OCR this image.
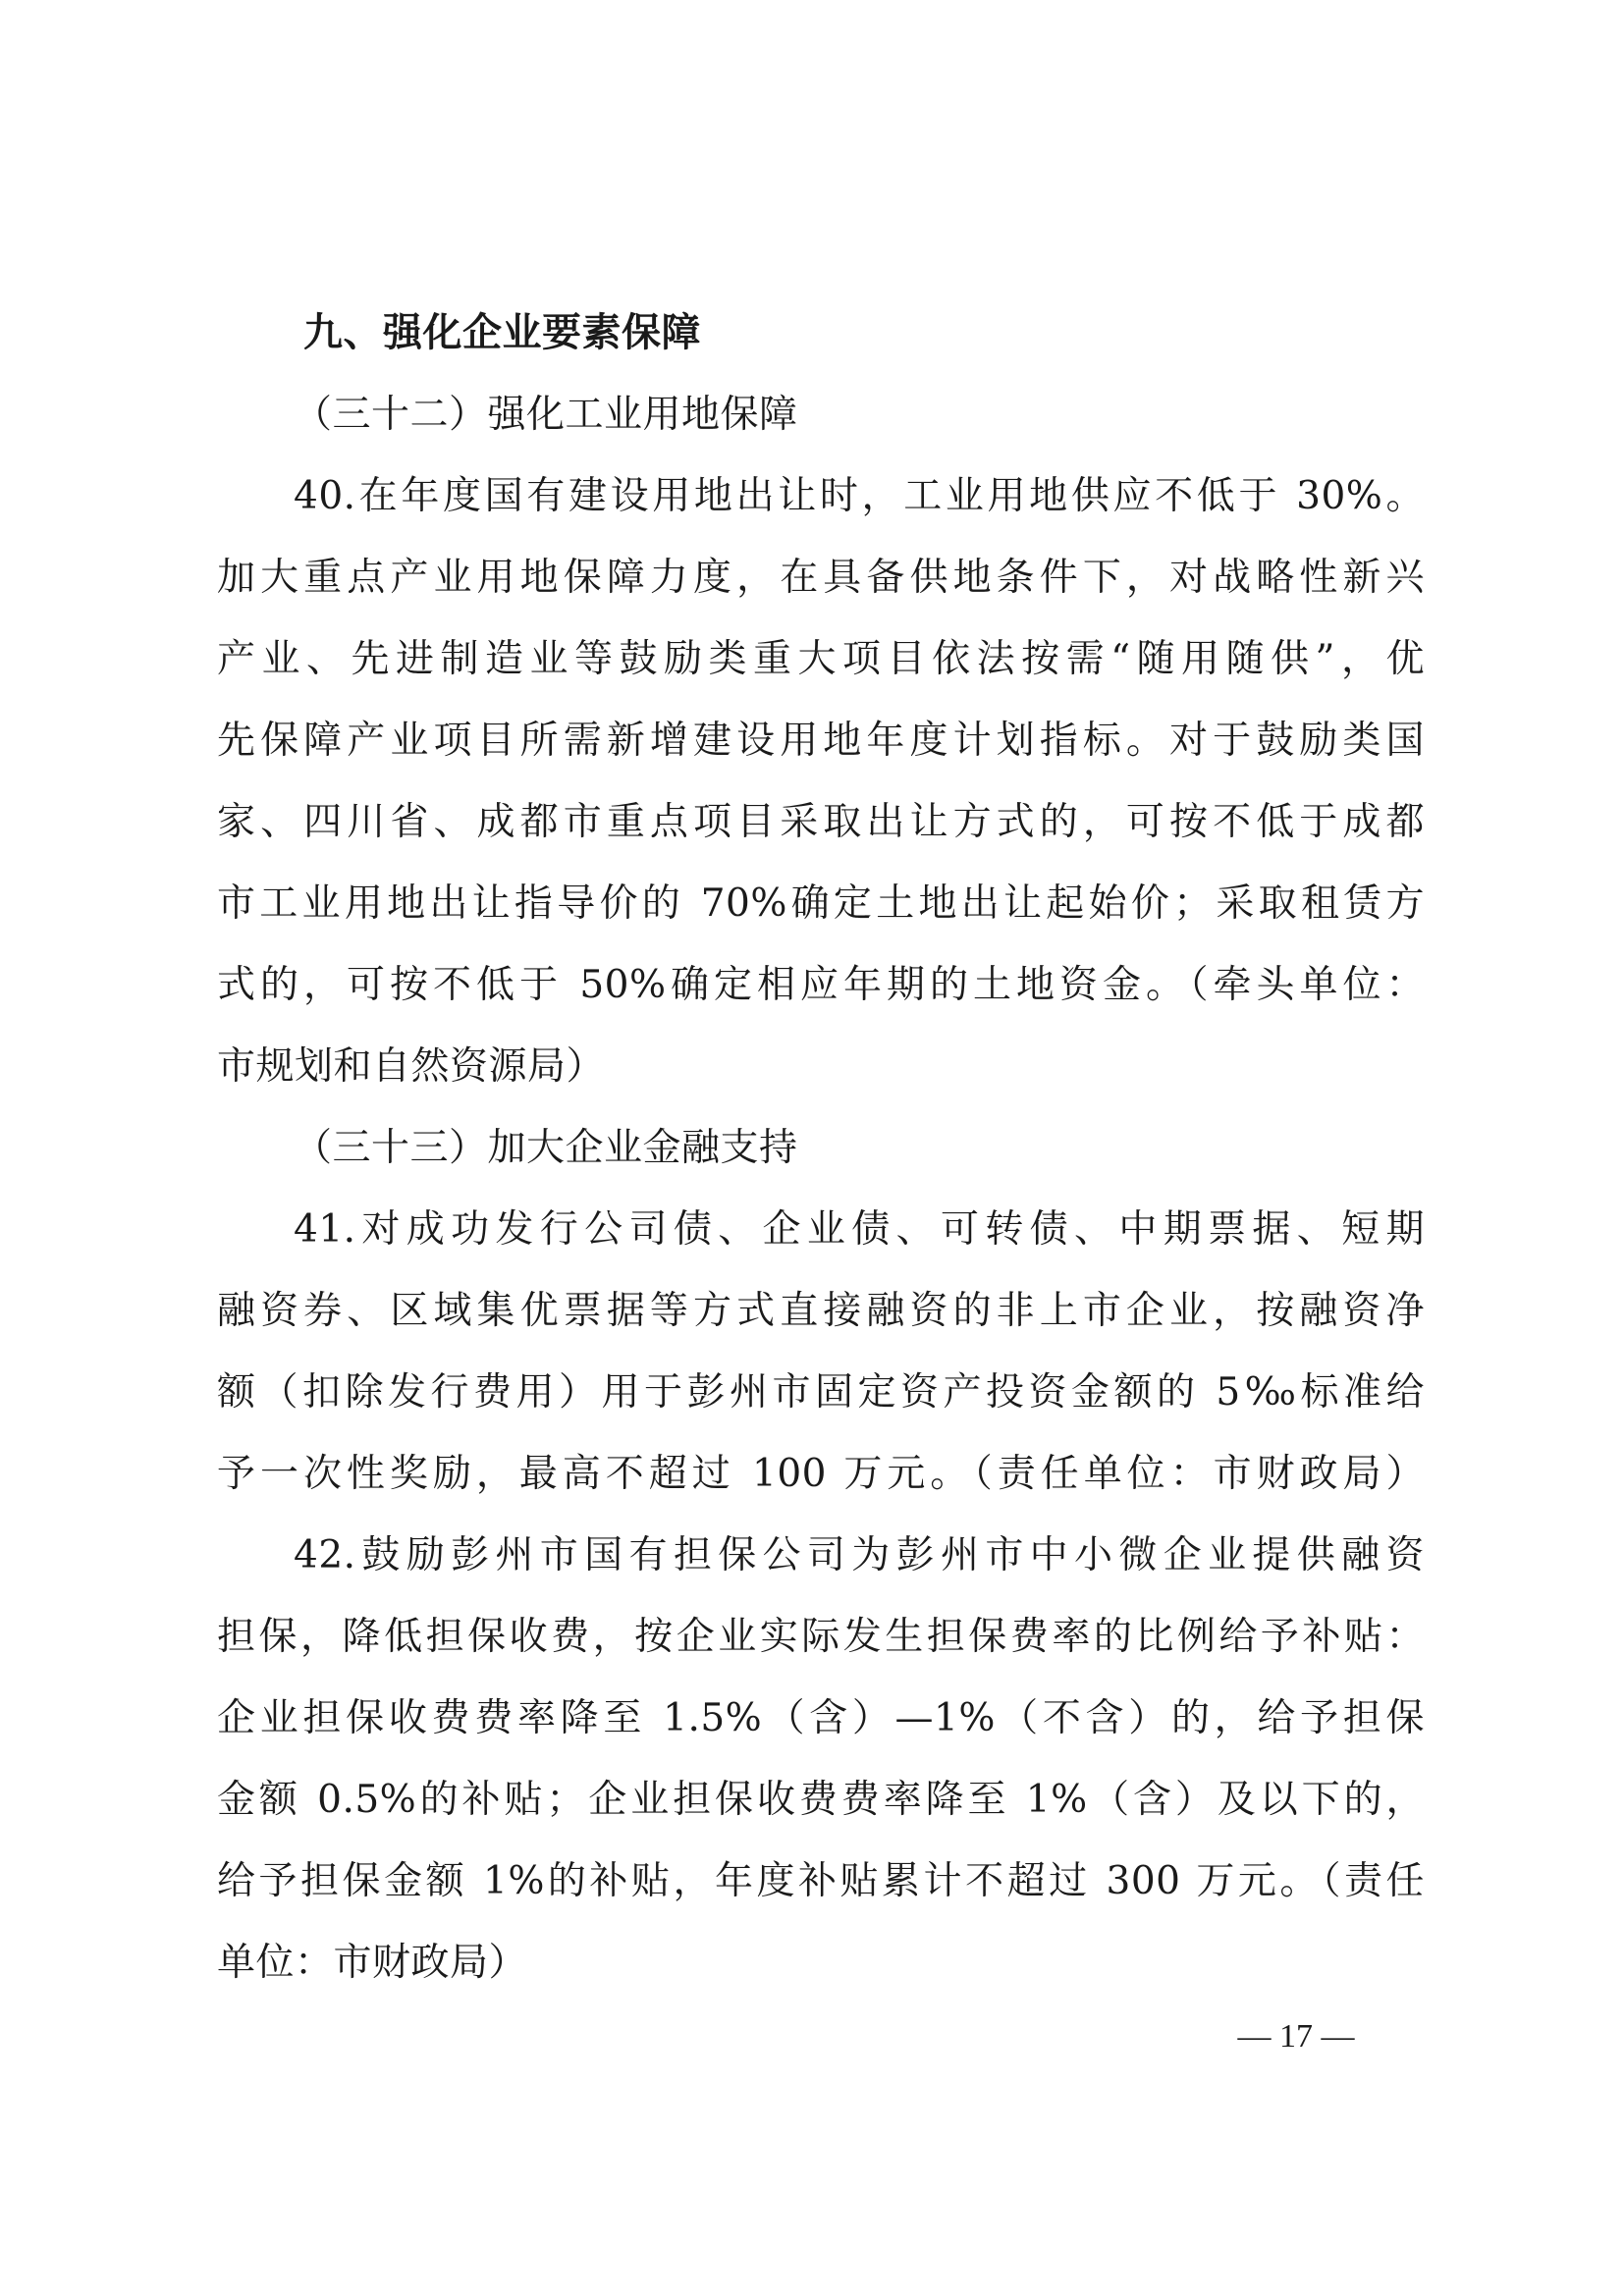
九、强化企业要素保障
（三十二）强化工业用地保障
40.在年度国有建设用地出让时，工业用地供应不低于 30%。
加大重点产业用地保障力度，在具备供地条件下，对战略性新兴
产业、先进制造业等鼓励类重大项目依法按需“随用随供”，优
先保障产业项目所需新增建设用地年度计划指标。对于鼓励类国
家、四川省、成都市重点项目采取出让方式的，可按不低于成都
市工业用地出让指导价的 70%确定土地出让起始价；采取租赁方
式的，可按不低于 50%确定相应年期的土地资金。（牵头单位：
市规划和自然资源局）
（三十三）加大企业金融支持
41.对成功发行公司债、企业债、可转债、中期票据、短期
融资券、区域集优票据等方式直接融资的非上市企业，按融资净
额（扣除发行费用）用于彭州市固定资产投资金额的 5‰标准给
予一次性奖励，最高不超过 100 万元。（责任单位：市财政局）
42.鼓励彭州市国有担保公司为彭州市中小微企业提供融资
担保，降低担保收费，按企业实际发生担保费率的比例给予补贴：
企业担保收费费率降至 1.5%（含）—1%（不含）的，给予担保
金额 0.5%的补贴；企业担保收费费率降至 1%（含）及以下的，
给予担保金额 1%的补贴，年度补贴累计不超过 300 万元。（责任
单位：市财政局）
— 17 —
